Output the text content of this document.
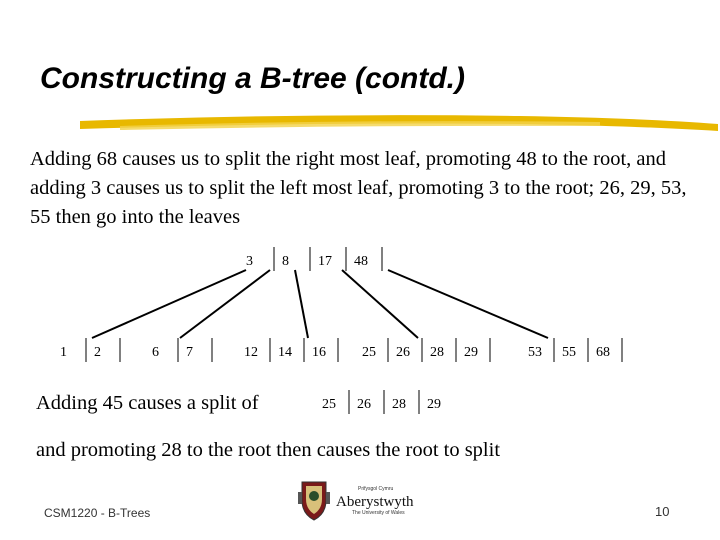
Constructing a B-tree (contd.)

Adding 68 causes us to split the right most leaf, promoting 48 to the root, and adding 3 causes us to split the left most leaf, promoting 3 to the root; 26, 29, 53, 55 then go into the leaves

3 8 17 48
1 2	6 7	12 14 16	25 26 28 29	53 55 68
25 26 28 29
Adding 45 causes a split of
and promoting 28 to the root then causes the root to split
CSM1220 - B-Trees
Prifysgol Cymru
Aberystwyth
The University of Wales	10
